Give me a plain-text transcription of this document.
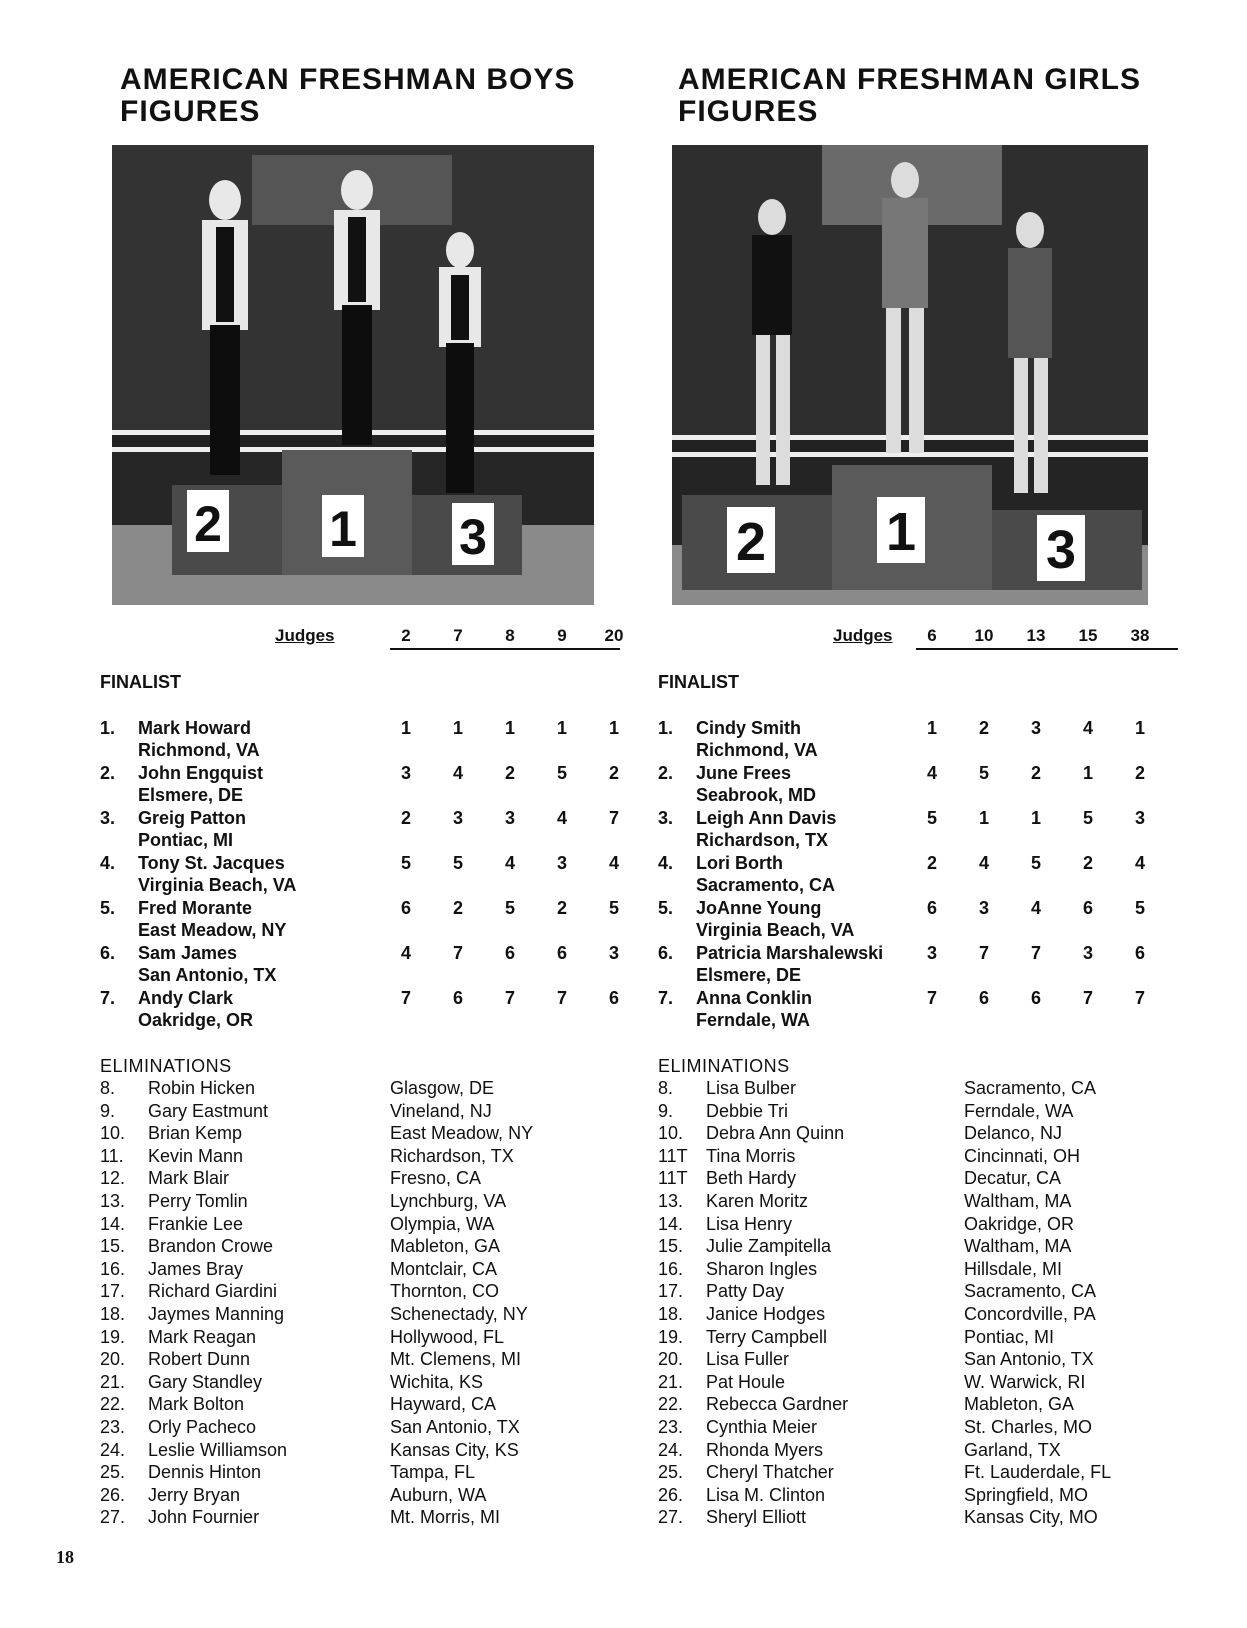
AMERICAN FRESHMAN BOYS
FIGURES
2 1 3
Judges	2	7	8	9	20
FINALIST
1. Mark Howard
Richmond, VA
1	1	1	1	1
2. John Engquist
Elsmere, DE
3	4	2	5	2
3. Greig Patton
Pontiac, MI
2	3	3	4	7
4. Tony St. Jacques
Virginia Beach, VA
5	5	4	3	4
5. Fred Morante
East Meadow, NY
6	2	5	2	5
6. Sam James
San Antonio, TX
4	7	6	6	3
7. Andy Clark
Oakridge, OR
7	6	7	7	6
ELIMINATIONS
8. Robin Hicken	Glasgow, DE
9. Gary Eastmunt	Vineland, NJ
10. Brian Kemp	East Meadow, NY
11. Kevin Mann	Richardson, TX
12. Mark Blair	Fresno, CA
13. Perry Tomlin	Lynchburg, VA
14. Frankie Lee	Olympia, WA
15. Brandon Crowe	Mableton, GA
16. James Bray	Montclair, CA
17. Richard Giardini	Thornton, CO
18. Jaymes Manning	Schenectady, NY
19. Mark Reagan	Hollywood, FL
20. Robert Dunn	Mt. Clemens, MI
21. Gary Standley	Wichita, KS
22. Mark Bolton	Hayward, CA
23. Orly Pacheco	San Antonio, TX
24. Leslie Williamson	Kansas City, KS
25. Dennis Hinton	Tampa, FL
26. Jerry Bryan	Auburn, WA
27. John Fournier	Mt. Morris, MI
AMERICAN FRESHMAN GIRLS
FIGURES
2 1 3
Judges	6	10	13	15	38
FINALIST
1. Cindy Smith
Richmond, VA
1	2	3	4	1
2. June Frees
Seabrook, MD
4	5	2	1	2
3. Leigh Ann Davis
Richardson, TX
5	1	1	5	3
4. Lori Borth
Sacramento, CA
2	4	5	2	4
5. JoAnne Young
Virginia Beach, VA
6	3	4	6	5
6. Patricia Marshalewski
Elsmere, DE
3	7	7	3	6
7. Anna Conklin
Ferndale, WA
7	6	6	7	7
ELIMINATIONS
8. Lisa Bulber	Sacramento, CA
9. Debbie Tri	Ferndale, WA
10. Debra Ann Quinn	Delanco, NJ
11T Tina Morris	Cincinnati, OH
11T Beth Hardy	Decatur, CA
13. Karen Moritz	Waltham, MA
14. Lisa Henry	Oakridge, OR
15. Julie Zampitella	Waltham, MA
16. Sharon Ingles	Hillsdale, MI
17. Patty Day	Sacramento, CA
18. Janice Hodges	Concordville, PA
19. Terry Campbell	Pontiac, MI
20. Lisa Fuller	San Antonio, TX
21. Pat Houle	W. Warwick, RI
22. Rebecca Gardner	Mableton, GA
23. Cynthia Meier	St. Charles, MO
24. Rhonda Myers	Garland, TX
25. Cheryl Thatcher	Ft. Lauderdale, FL
26. Lisa M. Clinton	Springfield, MO
27. Sheryl Elliott	Kansas City, MO
18
